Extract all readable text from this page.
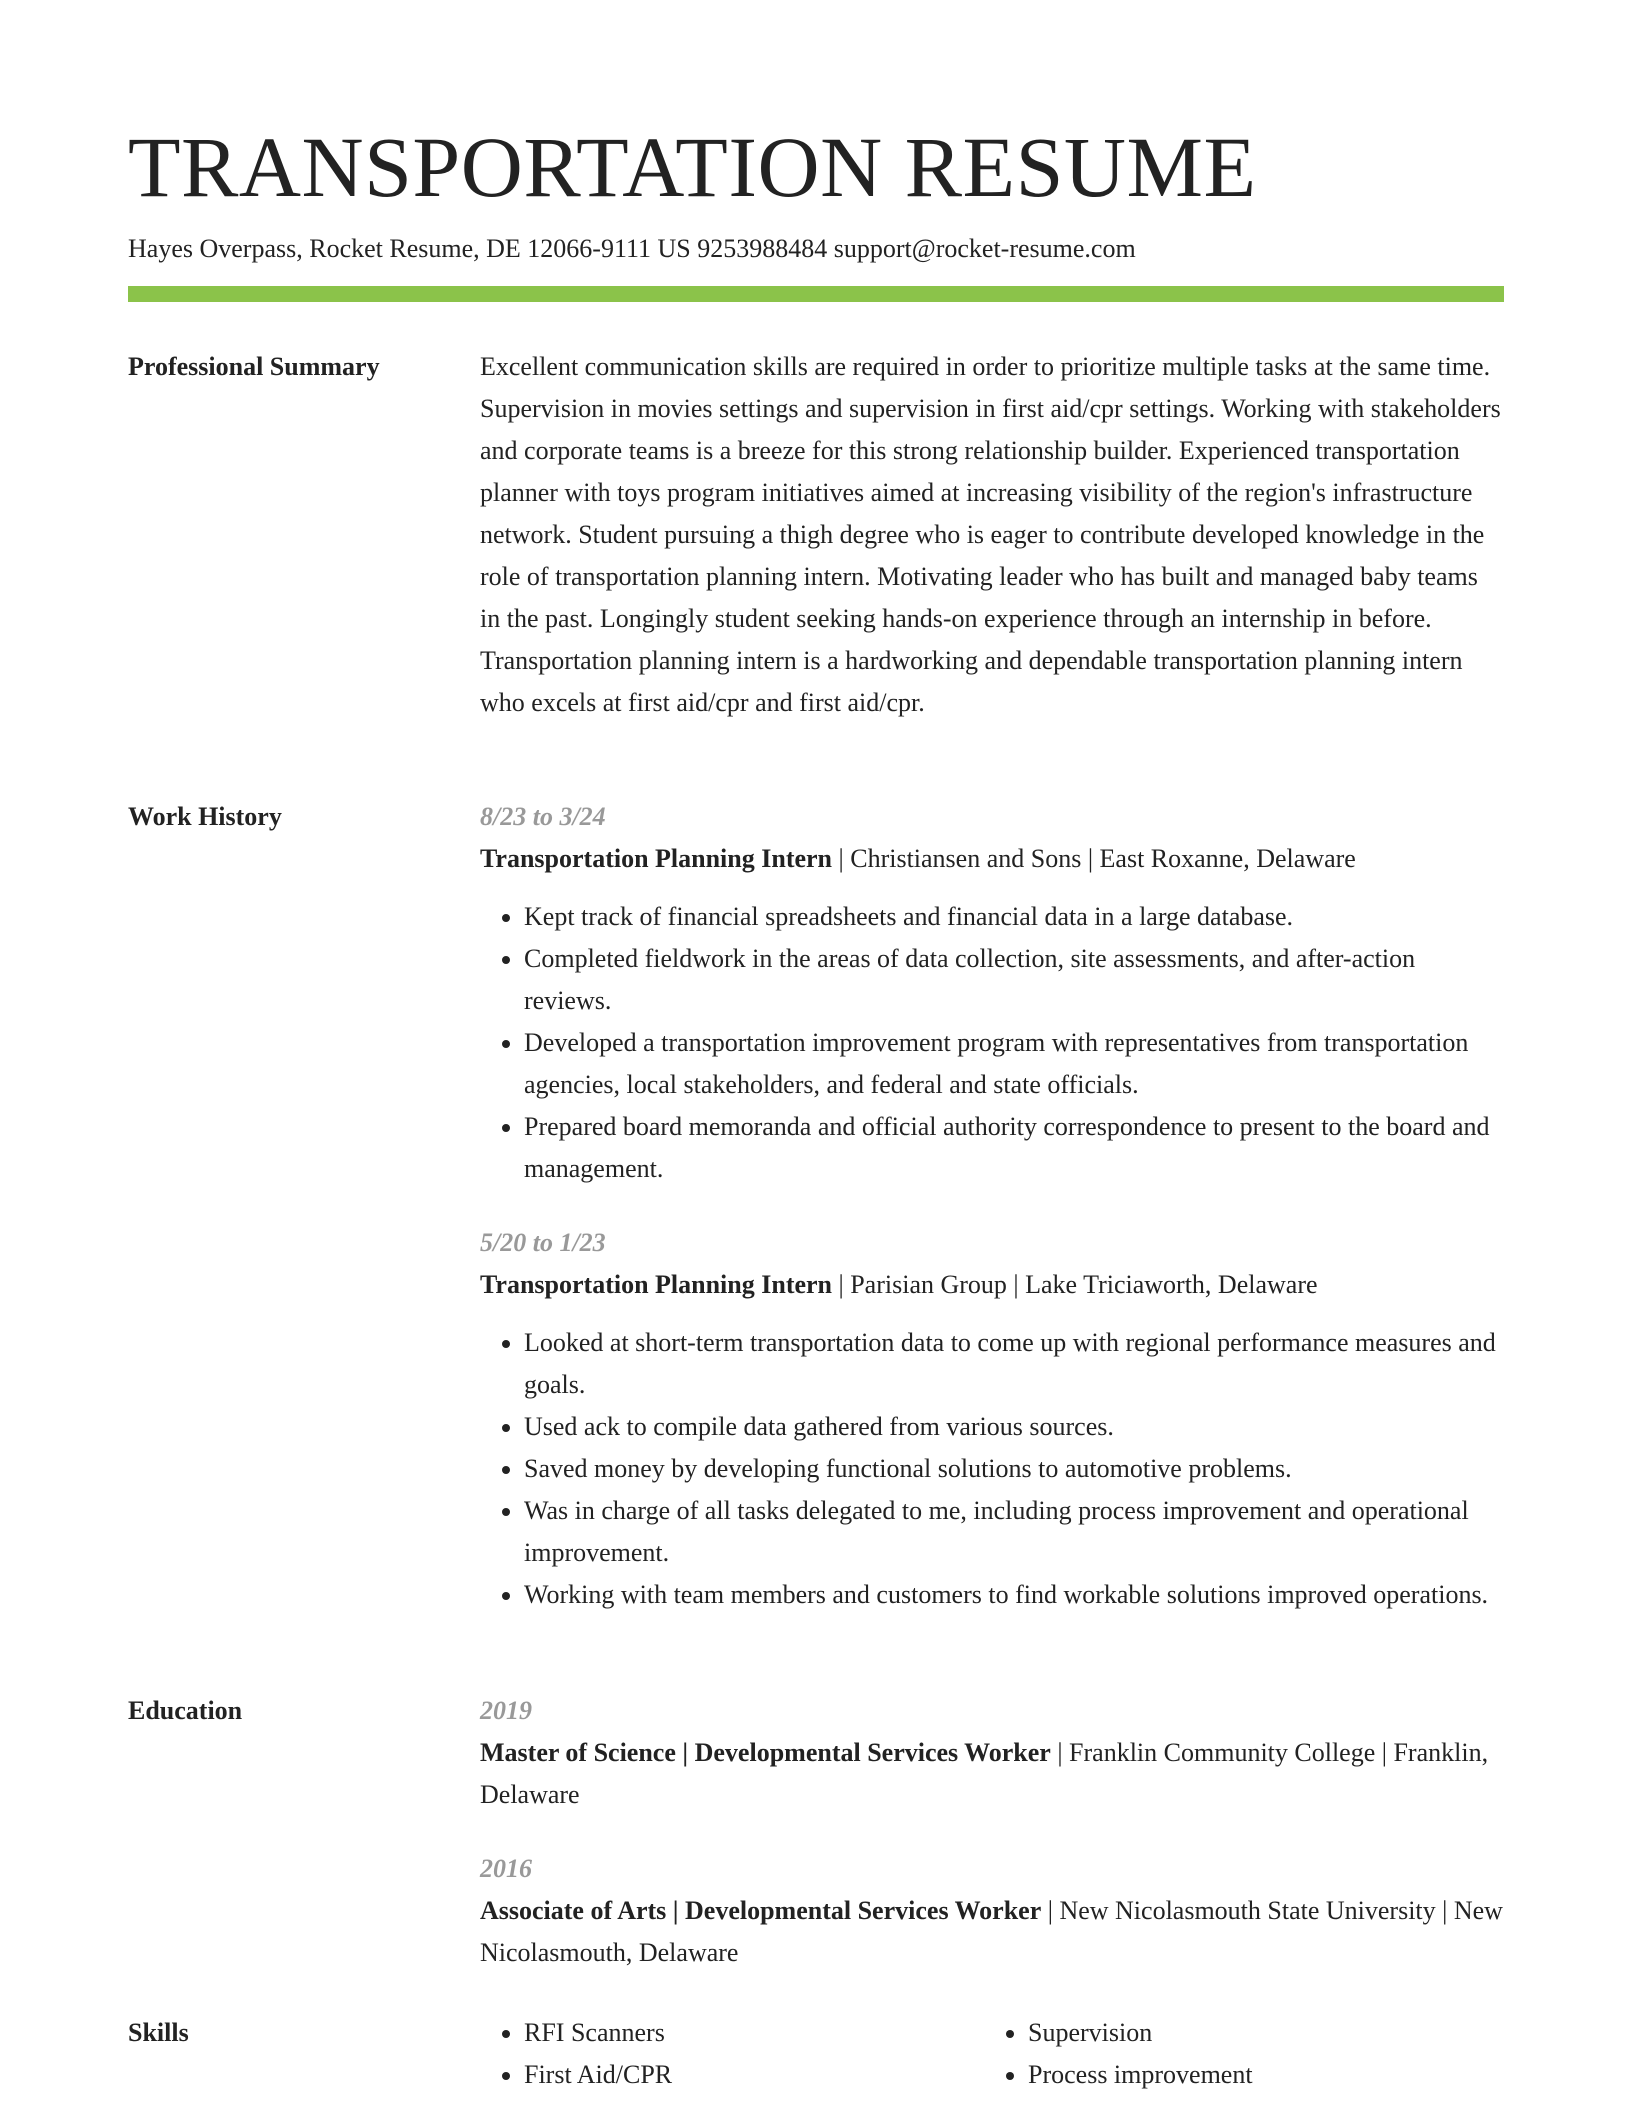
TRANSPORTATION RESUME
Hayes Overpass, Rocket Resume, DE 12066-9111 US 9253988484 support@rocket-resume.com
Professional Summary	Excellent communication skills are required in order to prioritize multiple tasks at the same time. Supervision in movies settings and supervision in first aid/cpr settings. Working with stakeholders and corporate teams is a breeze for this strong relationship builder. Experienced transportation planner with toys program initiatives aimed at increasing visibility of the region's infrastructure network. Student pursuing a thigh degree who is eager to contribute developed knowledge in the role of transportation planning intern. Motivating leader who has built and managed baby teams in the past. Longingly student seeking hands-on experience through an internship in before. Transportation planning intern is a hardworking and dependable transportation planning intern who excels at first aid/cpr and first aid/cpr.

Work History	8/23 to 3/24

Transportation Planning Intern | Christiansen and Sons | East Roxanne, Delaware

• Kept track of financial spreadsheets and financial data in a large database.
• Completed fieldwork in the areas of data collection, site assessments, and after-action reviews.
• Developed a transportation improvement program with representatives from transportation agencies, local stakeholders, and federal and state officials.
• Prepared board memoranda and official authority correspondence to present to the board and management.

5/20 to 1/23

Transportation Planning Intern | Parisian Group | Lake Triciaworth, Delaware

• Looked at short-term transportation data to come up with regional performance measures and goals.
• Used ack to compile data gathered from various sources.
• Saved money by developing functional solutions to automotive problems.
• Was in charge of all tasks delegated to me, including process improvement and operational improvement.
• Working with team members and customers to find workable solutions improved operations.
Education	2019

Master of Science | Developmental Services Worker | Franklin Community College | Franklin, Delaware

2016

Associate of Arts | Developmental Services Worker | New Nicolasmouth State University | New Nicolasmouth, Delaware

Skills
•	RFI Scanners
• First Aid/CPR
• Supervision
• Process improvement
